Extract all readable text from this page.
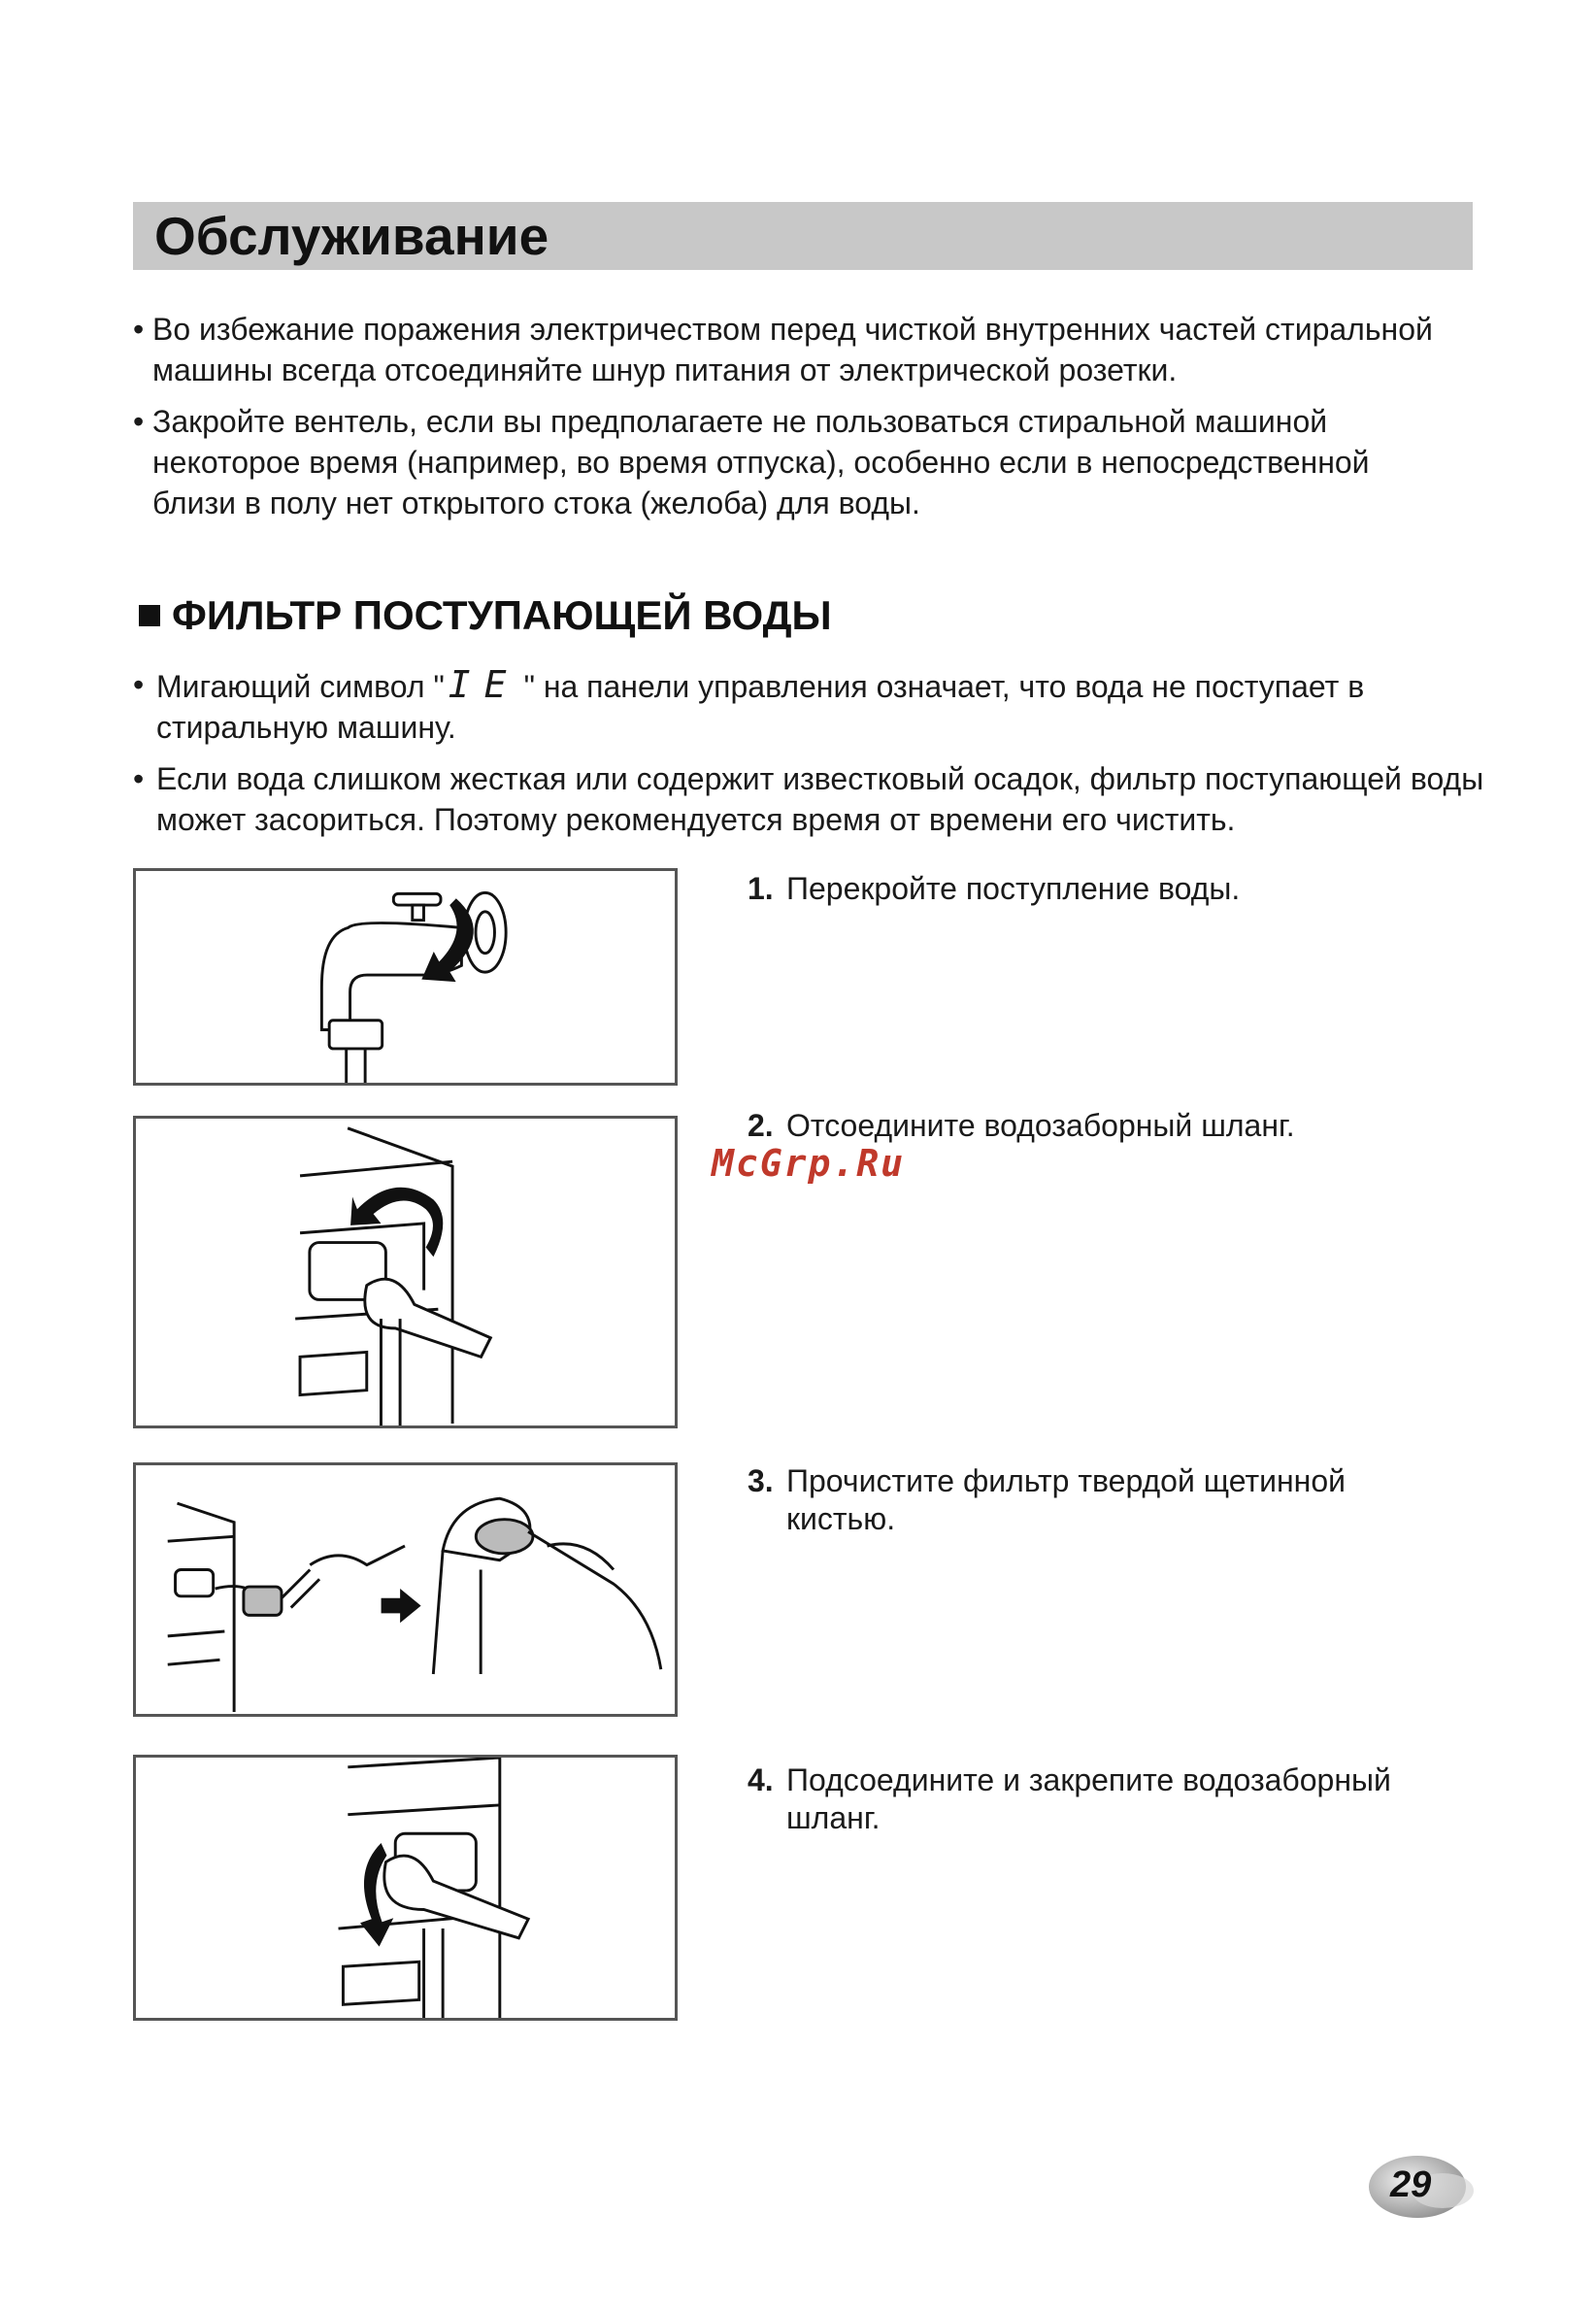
Обслуживание
• Во избежание поражения электричеством перед чисткой внутренних частей стиральной машины всегда отсоединяйте шнур питания от электрической розетки.
• Закройте вентель, если вы предполагаете не пользоваться стиральной машиной некоторое время (например, во время отпуска), особенно если в непосредственной близи в полу нет открытого стока (желоба) для воды.
ФИЛЬТР ПОСТУПАЮЩЕЙ ВОДЫ
• Мигающий символ " IE " на панели управления означает, что вода не поступает в стиральную машину.
• Если вода слишком жесткая или содержит известковый осадок, фильтр поступающей воды может засориться. Поэтому рекомендуется время от времени его чистить.
1. Перекройте поступление воды.
2. Отсоедините водозаборный шланг.
3. Прочистите фильтр твердой щетинной кистью.
4. Подсоедините и закрепите водозаборный шланг.
McGrp.Ru
29
